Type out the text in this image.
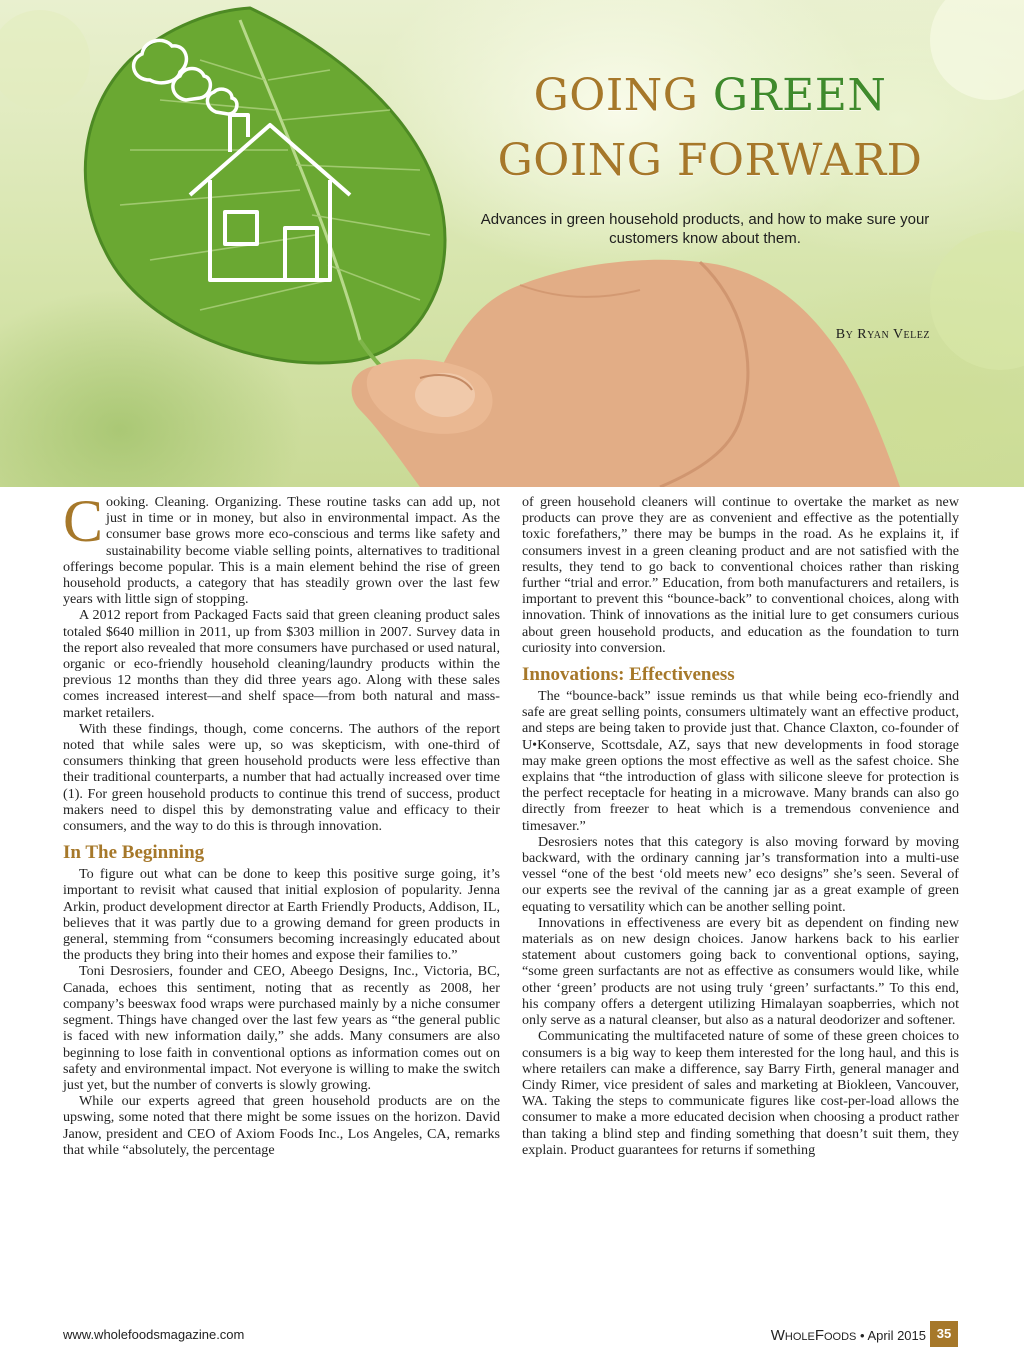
GOING GREEN
GOING FORWARD

Advances in green household products, and how to make sure your customers know about them.

By Ryan Velez

Cooking. Cleaning. Organizing. These routine tasks can add up, not just in time or in money, but also in environmental impact. As the consumer base grows more eco-conscious and terms like safety and sustainability become viable selling points, alternatives to traditional offerings become popular. This is a main element behind the rise of green household products, a category that has steadily grown over the last few years with little sign of stopping.

A 2012 report from Packaged Facts said that green cleaning product sales totaled $640 million in 2011, up from $303 million in 2007. Survey data in the report also revealed that more consumers have purchased or used natural, organic or eco-friendly household cleaning/laundry products within the previous 12 months than they did three years ago. Along with these sales comes increased interest—and shelf space—from both natural and mass-market retailers.

With these findings, though, come concerns. The authors of the report noted that while sales were up, so was skepticism, with one-third of consumers thinking that green household products were less effective than their traditional counterparts, a number that had actually increased over time (1). For green household products to continue this trend of success, product makers need to dispel this by demonstrating value and efficacy to their consumers, and the way to do this is through innovation.

In The Beginning

To figure out what can be done to keep this positive surge going, it’s important to revisit what caused that initial explosion of popularity. Jenna Arkin, product development director at Earth Friendly Products, Addison, IL, believes that it was partly due to a growing demand for green products in general, stemming from “consumers becoming increasingly educated about the products they bring into their homes and expose their families to.”

Toni Desrosiers, founder and CEO, Abeego Designs, Inc., Victoria, BC, Canada, echoes this sentiment, noting that as recently as 2008, her company’s beeswax food wraps were purchased mainly by a niche consumer segment. Things have changed over the last few years as “the general public is faced with new information daily,” she adds. Many consumers are also beginning to lose faith in conventional options as information comes out on safety and environmental impact. Not everyone is willing to make the switch just yet, but the number of converts is slowly growing.

While our experts agreed that green household products are on the upswing, some noted that there might be some issues on the horizon. David Janow, president and CEO of Axiom Foods Inc., Los Angeles, CA, remarks that while “absolutely, the percentage

of green household cleaners will continue to overtake the market as new products can prove they are as convenient and effective as the potentially toxic forefathers,” there may be bumps in the road. As he explains it, if consumers invest in a green cleaning product and are not satisfied with the results, they tend to go back to conventional choices rather than risking further “trial and error.” Education, from both manufacturers and retailers, is important to prevent this “bounce-back” to conventional choices, along with innovation. Think of innovations as the initial lure to get consumers curious about green household products, and education as the foundation to turn curiosity into conversion.

Innovations: Effectiveness

The “bounce-back” issue reminds us that while being eco-friendly and safe are great selling points, consumers ultimately want an effective product, and steps are being taken to provide just that. Chance Claxton, co-founder of U•Konserve, Scottsdale, AZ, says that new developments in food storage may make green options the most effective as well as the safest choice. She explains that “the introduction of glass with silicone sleeve for protection is the perfect receptacle for heating in a microwave. Many brands can also go directly from freezer to heat which is a tremendous convenience and timesaver.”

Desrosiers notes that this category is also moving forward by moving backward, with the ordinary canning jar’s transformation into a multi-use vessel “one of the best ‘old meets new’ eco designs” she’s seen. Several of our experts see the revival of the canning jar as a great example of green equating to versatility which can be another selling point.

Innovations in effectiveness are every bit as dependent on finding new materials as on new design choices. Janow harkens back to his earlier statement about customers going back to conventional options, saying, “some green surfactants are not as effective as consumers would like, while other ‘green’ products are not using truly ‘green’ surfactants.” To this end, his company offers a detergent utilizing Himalayan soapberries, which not only serve as a natural cleanser, but also as a natural deodorizer and softener.

Communicating the multifaceted nature of some of these green choices to consumers is a big way to keep them interested for the long haul, and this is where retailers can make a difference, say Barry Firth, general manager and Cindy Rimer, vice president of sales and marketing at Biokleen, Vancouver, WA. Taking the steps to communicate figures like cost-per-load allows the consumer to make a more educated decision when choosing a product rather than taking a blind step and finding something that doesn’t suit them, they explain. Product guarantees for returns if something

www.wholefoodsmagazine.com	WholeFoods • April 2015 35
